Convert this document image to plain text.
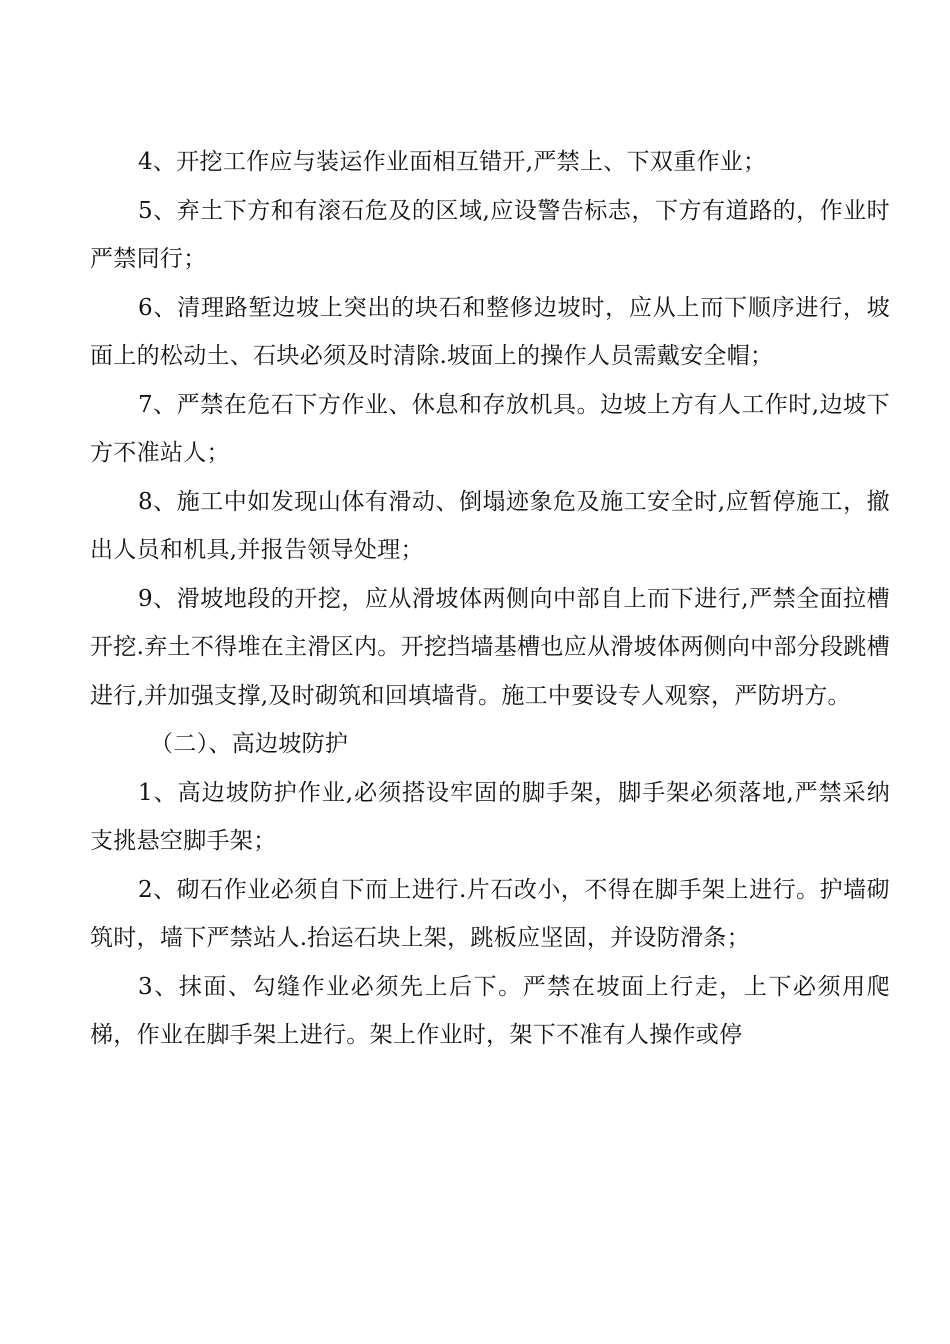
4、开挖工作应与装运作业面相互错开,严禁上、下双重作业；

5、弃土下方和有滚石危及的区域,应设警告标志，下方有道路的，作业时严禁同行；

6、清理路堑边坡上突出的块石和整修边坡时，应从上而下顺序进行，坡面上的松动土、石块必须及时清除.坡面上的操作人员需戴安全帽；

7、严禁在危石下方作业、休息和存放机具。边坡上方有人工作时,边坡下方不准站人；

8、施工中如发现山体有滑动、倒塌迹象危及施工安全时,应暂停施工，撤出人员和机具,并报告领导处理；

9、滑坡地段的开挖，应从滑坡体两侧向中部自上而下进行,严禁全面拉槽开挖.弃土不得堆在主滑区内。开挖挡墙基槽也应从滑坡体两侧向中部分段跳槽进行,并加强支撑,及时砌筑和回填墙背。施工中要设专人观察，严防坍方。

（二）、高边坡防护

1、高边坡防护作业,必须搭设牢固的脚手架，脚手架必须落地,严禁采纳支挑悬空脚手架；

2、砌石作业必须自下而上进行.片石改小，不得在脚手架上进行。护墙砌筑时，墙下严禁站人.抬运石块上架，跳板应坚固，并设防滑条；

3、抹面、勾缝作业必须先上后下。严禁在坡面上行走，上下必须用爬梯，作业在脚手架上进行。架上作业时，架下不准有人操作或停
